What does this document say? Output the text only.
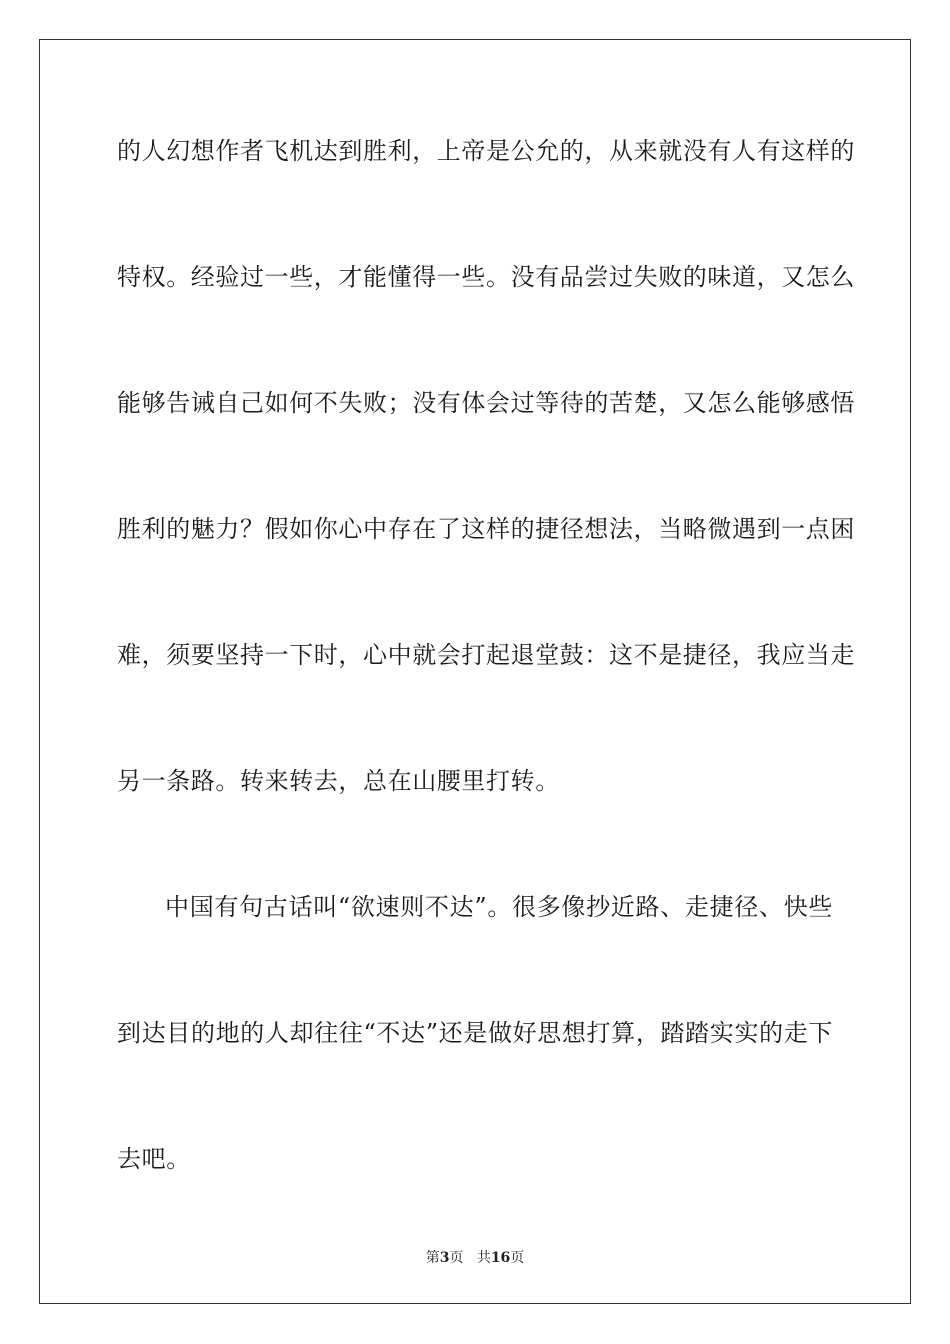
的人幻想作者飞机达到胜利，上帝是公允的，从来就没有人有这样的
特权。经验过一些，才能懂得一些。没有品尝过失败的味道，又怎么
能够告诫自己如何不失败；没有体会过等待的苦楚，又怎么能够感悟
胜利的魅力？假如你心中存在了这样的捷径想法，当略微遇到一点困
难，须要坚持一下时，心中就会打起退堂鼓：这不是捷径，我应当走
另一条路。转来转去，总在山腰里打转。
中国有句古话叫“欲速则不达”。很多像抄近路、走捷径、快些
到达目的地的人却往往“不达”还是做好思想打算，踏踏实实的走下
去吧。
第3页 共16页
